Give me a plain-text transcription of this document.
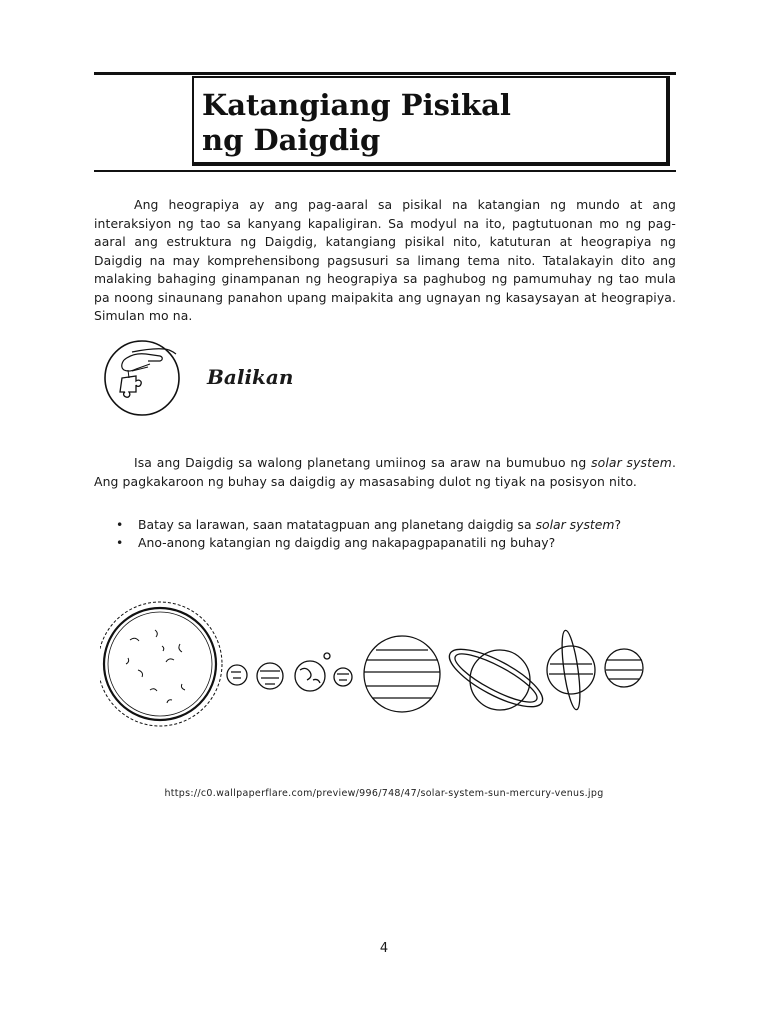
Katangiang Pisikal
ng Daigdig
Ang heograpiya ay ang pag-aaral sa pisikal na katangian ng mundo at ang interaksiyon ng tao sa kanyang kapaligiran. Sa modyul na ito, pagtutuonan mo ng pag-aaral ang estruktura ng Daigdig, katangiang pisikal nito, katuturan at heograpiya ng Daigdig na may komprehensibong pagsusuri sa limang tema nito. Tatalakayin dito ang malaking bahaging ginampanan ng heograpiya sa paghubog ng pamumuhay ng tao mula pa noong sinaunang panahon upang maipakita ang ugnayan ng kasaysayan at heograpiya. Simulan mo na.
Balikan
Isa ang Daigdig sa walong planetang umiinog sa araw na bumubuo ng solar system. Ang pagkakaroon ng buhay sa daigdig ay masasabing dulot ng tiyak na posisyon nito.
• Batay sa larawan, saan matatagpuan ang planetang daigdig sa solar system?
• Ano-anong katangian ng daigdig ang nakapagpapanatili ng buhay?
https://c0.wallpaperflare.com/preview/996/748/47/solar-system-sun-mercury-venus.jpg
4
